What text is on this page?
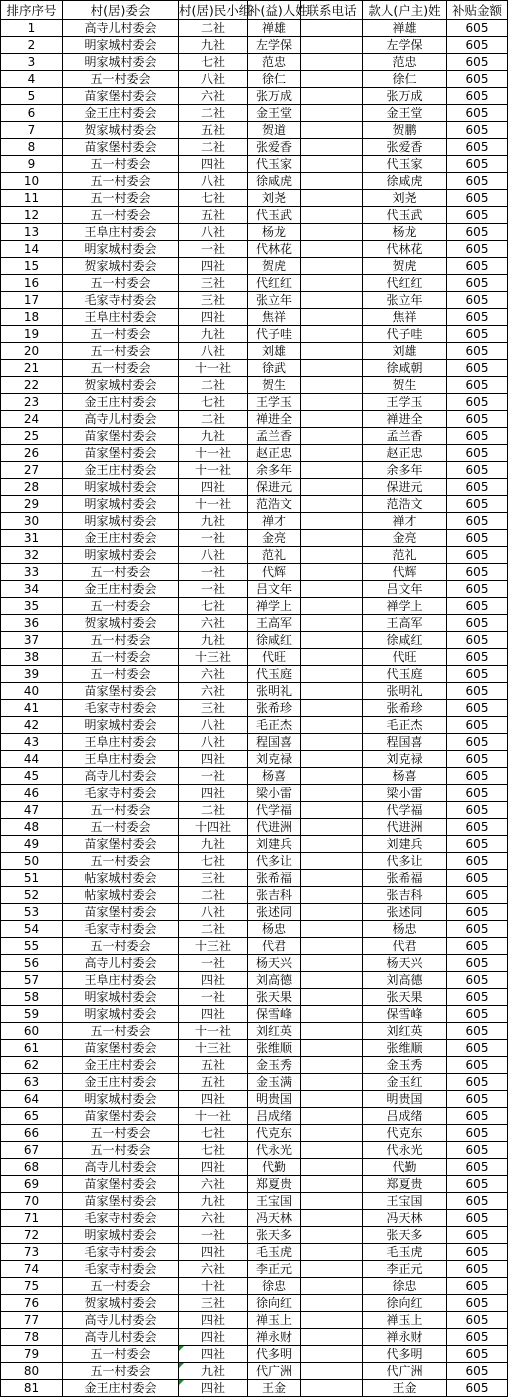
排序序号	村(居)委会	村(居)民小组	补(益)人姓	联系电话	款人(户主)姓	补贴金额
1	高寺儿村委会	二社	禅雄		禅雄	605
2	明家城村委会	九社	左学保		左学保	605
3	明家城村委会	七社	范忠		范忠	605
4	五一村委会	八社	徐仁		徐仁	605
5	苗家堡村委会	六社	张万成		张万成	605
6	金王庄村委会	二社	金王堂		金王堂	605
7	贺家城村委会	五社	贺道		贺鹏	605
8	苗家堡村委会	二社	张爱香		张爱香	605
9	五一村委会	四社	代玉家		代玉家	605
10	五一村委会	八社	徐咸虎		徐咸虎	605
11	五一村委会	七社	刘尧		刘尧	605
12	五一村委会	五社	代玉武		代玉武	605
13	王阜庄村委会	八社	杨龙		杨龙	605
14	明家城村委会	一社	代林花		代林花	605
15	贺家城村委会	四社	贺虎		贺虎	605
16	五一村委会	三社	代红红		代红红	605
17	毛家寺村委会	三社	张立年		张立年	605
18	王阜庄村委会	四社	焦祥		焦祥	605
19	五一村委会	九社	代子哇		代子哇	605
20	五一村委会	八社	刘雄		刘雄	605
21	五一村委会	十一社	徐武		徐咸朝	605
22	贺家城村委会	二社	贺生		贺生	605
23	金王庄村委会	七社	王学玉		王学玉	605
24	高寺儿村委会	二社	禅进全		禅进全	605
25	苗家堡村委会	九社	孟兰香		孟兰香	605
26	苗家堡村委会	十一社	赵正忠		赵正忠	605
27	金王庄村委会	十一社	余多年		余多年	605
28	明家城村委会	四社	保进元		保进元	605
29	明家城村委会	十一社	范浩文		范浩文	605
30	明家城村委会	九社	禅才		禅才	605
31	金王庄村委会	一社	金亮		金亮	605
32	明家城村委会	八社	范礼		范礼	605
33	五一村委会	一社	代辉		代辉	605
34	金王庄村委会	一社	吕文年		吕文年	605
35	五一村委会	七社	禅学上		禅学上	605
36	贺家城村委会	六社	王高军		王高军	605
37	五一村委会	九社	徐咸红		徐咸红	605
38	五一村委会	十三社	代旺		代旺	605
39	五一村委会	六社	代玉庭		代玉庭	605
40	苗家堡村委会	六社	张明礼		张明礼	605
41	毛家寺村委会	三社	张希珍		张希珍	605
42	明家城村委会	八社	毛正杰		毛正杰	605
43	王阜庄村委会	八社	程国喜		程国喜	605
44	王阜庄村委会	四社	刘克禄		刘克禄	605
45	高寺儿村委会	一社	杨喜		杨喜	605
46	毛家寺村委会	四社	梁小雷		梁小雷	605
47	五一村委会	二社	代学福		代学福	605
48	五一村委会	十四社	代进洲		代进洲	605
49	苗家堡村委会	九社	刘建兵		刘建兵	605
50	五一村委会	七社	代多让		代多让	605
51	帖家城村委会	三社	张希福		张希福	605
52	帖家城村委会	二社	张吉科		张吉科	605
53	苗家堡村委会	八社	张述同		张述同	605
54	毛家寺村委会	二社	杨忠		杨忠	605
55	五一村委会	十三社	代君		代君	605
56	高寺儿村委会	一社	杨天兴		杨天兴	605
57	王阜庄村委会	四社	刘高德		刘高德	605
58	明家城村委会	一社	张天果		张天果	605
59	明家城村委会	四社	保雪峰		保雪峰	605
60	五一村委会	十一社	刘红英		刘红英	605
61	苗家堡村委会	十三社	张维顺		张维顺	605
62	金王庄村委会	五社	金玉秀		金玉秀	605
63	金王庄村委会	五社	金玉满		金玉红	605
64	明家城村委会	四社	明贵国		明贵国	605
65	苗家堡村委会	十一社	吕成绪		吕成绪	605
66	五一村委会	七社	代克东		代克东	605
67	五一村委会	七社	代永光		代永光	605
68	高寺儿村委会	四社	代勤		代勤	605
69	苗家堡村委会	六社	郑夏贵		郑夏贵	605
70	苗家堡村委会	九社	王宝国		王宝国	605
71	毛家寺村委会	六社	冯天林		冯天林	605
72	明家城村委会	一社	张天多		张天多	605
73	毛家寺村委会	四社	毛玉虎		毛玉虎	605
74	毛家寺村委会	六社	李正元		李正元	605
75	五一村委会	十社	徐忠		徐忠	605
76	贺家城村委会	三社	徐向红		徐向红	605
77	高寺儿村委会	四社	禅玉上		禅玉上	605
78	高寺儿村委会	四社	禅永财		禅永财	605
79	五一村委会	四社	代多明		代多明	605
80	五一村委会	九社	代广洲		代广洲	605
81	金王庄村委会	四社	王金		王金	605
